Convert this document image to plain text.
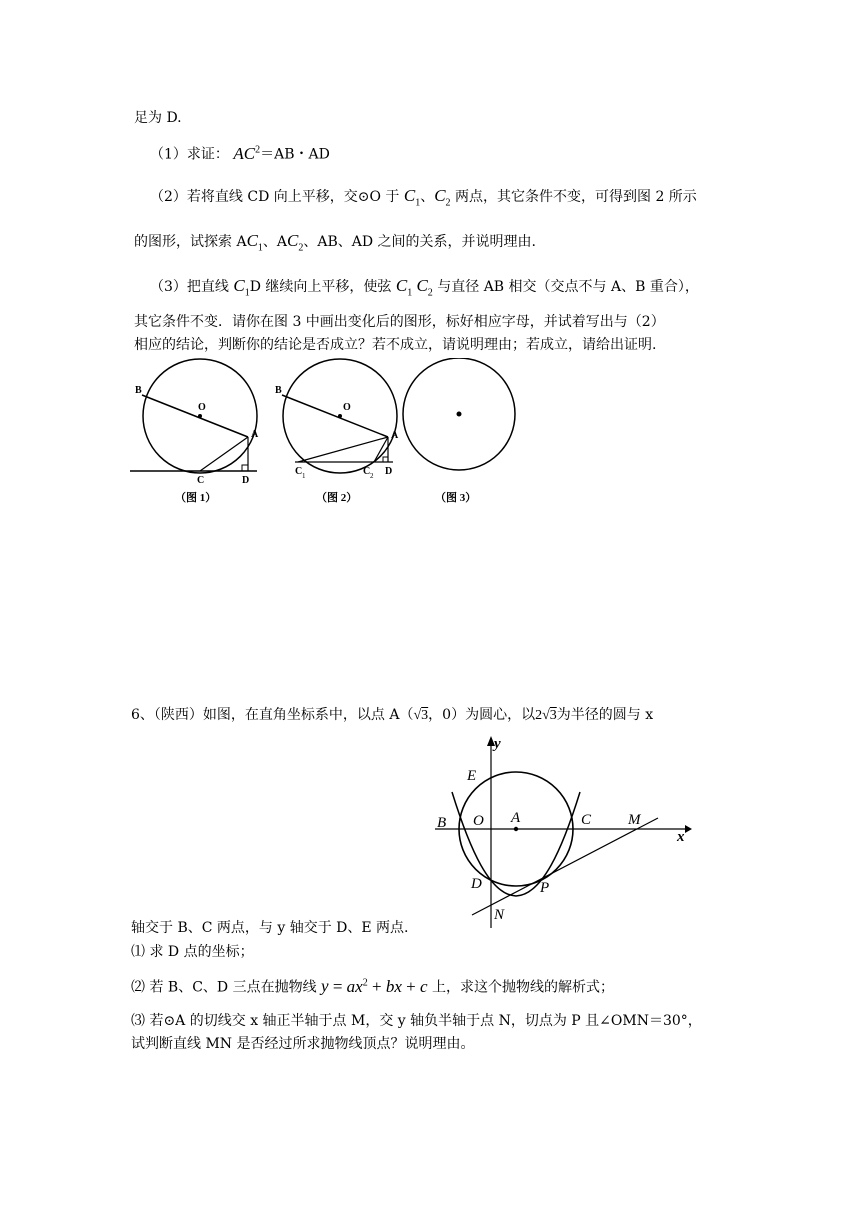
足为 D.
（1）求证： $AC^2=AB$・AD
（2）若将直线 CD 向上平移，交⊙O 于 $C_1$、$C_2$ 两点，其它条件不变，可得到图 2 所示
的图形，试探索 $AC_1$、$AC_2$、AB、AD 之间的关系，并说明理由.
（3）把直线 $C_1D$ 继续向上平移，使弦 $C_1$ $C_2$ 与直径 AB 相交（交点不与 A、B 重合），
其它条件不变．请你在图 3 中画出变化后的图形，标好相应字母，并试着写出与（2）
相应的结论，判断你的结论是否成立？若不成立，请说明理由；若成立，请给出证明.
B
O
A
C	D
（图 1）
B
O
A
C 1	C 2 D
（图 2）	（图 3）
6、（陕西）如图，在直角坐标系中，以点 A（√3，0）为圆心，以2√3为半径的圆与 x
y
x
E
B O A	C M
D	P
N
轴交于 B、C 两点，与 y 轴交于 D、E 两点.
⑴ 求 D 点的坐标；
⑵ 若 B、C、D 三点在抛物线 $y = ax^2$ + bx + c 上，求这个抛物线的解析式；
⑶ 若⊙A 的切线交 x 轴正半轴于点 M，交 y 轴负半轴于点 N，切点为 P 且∠OMN＝30°，
试判断直线 MN 是否经过所求抛物线顶点？说明理由。
